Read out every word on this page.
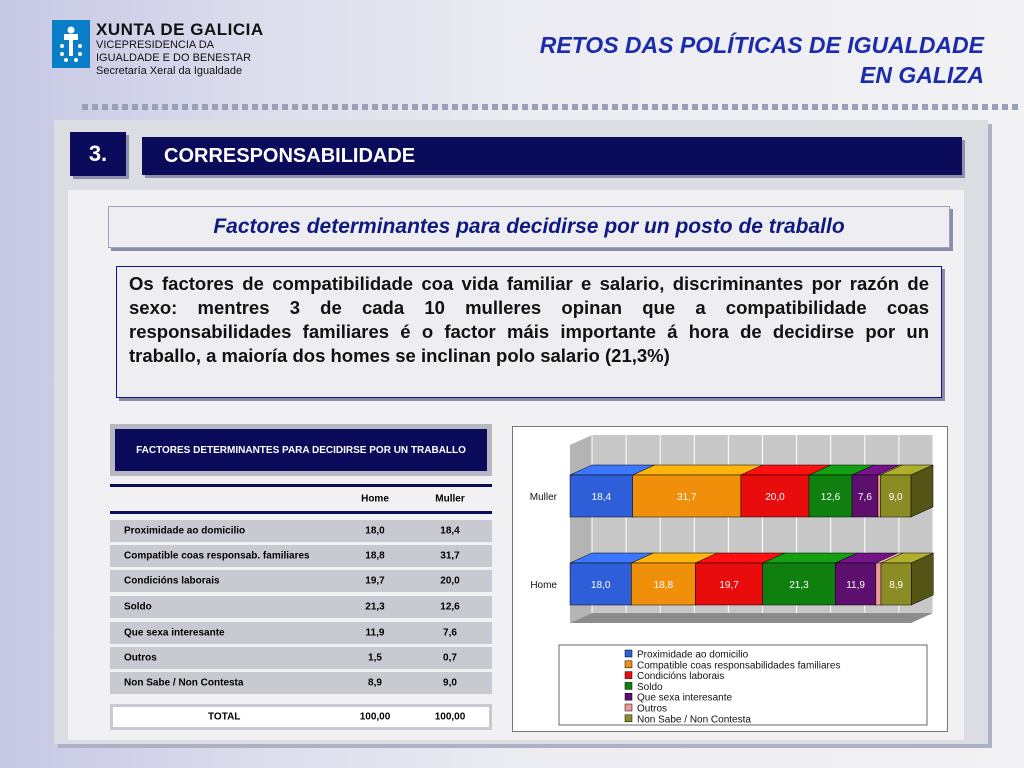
XUNTA DE GALICIA
VICEPRESIDENCIA DA
IGUALDADE E DO BENESTAR
Secretaría Xeral da Igualdade
RETOS DAS POLÍTICAS DE IGUALDADE
EN GALIZA
3.	CORRESPONSABILIDADE
Factores determinantes para decidirse por un posto de traballo
Os factores de compatibilidade coa vida familiar e salario, discriminantes por razón de sexo: mentres 3 de cada 10 mulleres opinan que a compatibilidade coas responsabilidades familiares é o factor máis importante á hora de decidirse por un traballo, a maioría dos homes se inclinan polo salario (21,3%)
FACTORES DETERMINANTES PARA DECIDIRSE POR UN TRABALLO
Home	Muller
Proximidade ao domicilio	18,0	18,4
Compatible coas responsab. familiares	18,8	31,7
Condicións laborais	19,7	20,0
Soldo	21,3	12,6
Que sexa interesante	11,9	7,6
Outros	1,5	0,7
Non Sabe / Non Contesta	8,9	9,0
TOTAL	100,00	100,00
Muller	18,4	31,7	20,0	12,6 7,6 9,0
Home	18,0	18,8	19,7	21,3	11,9 8,9
Proximidade ao domicilio
Compatible coas responsabilidades familiares
Condicións laborais
Soldo
Que sexa interesante
Outros
Non Sabe / Non Contesta
